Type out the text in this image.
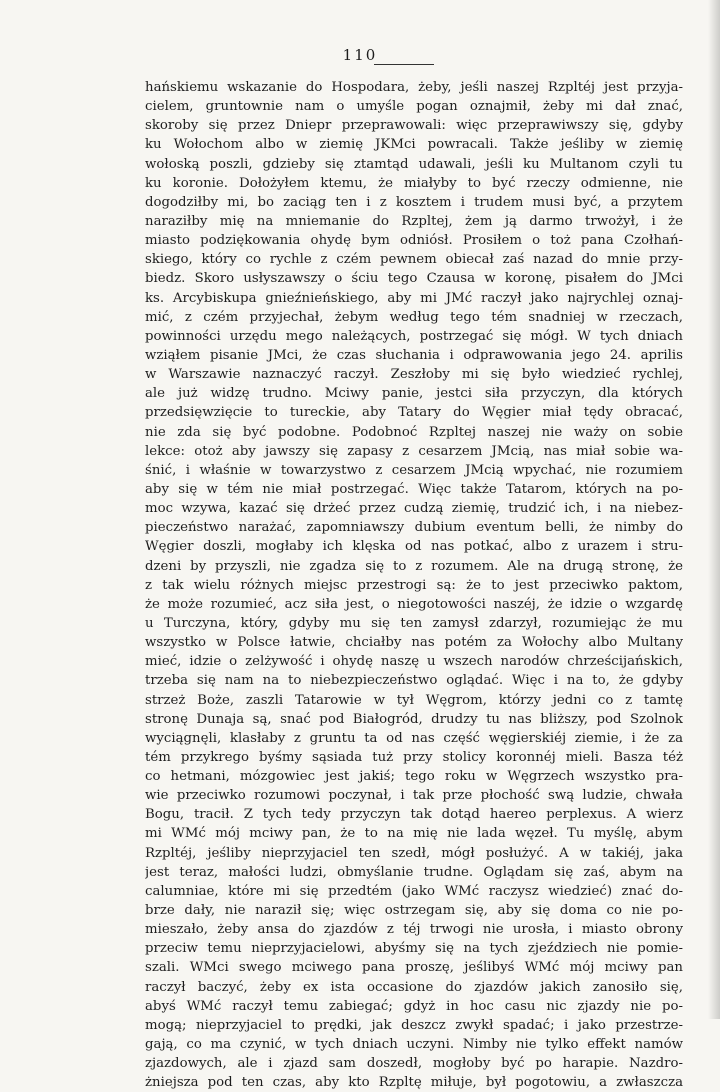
110
hańskiemu wskazanie do Hospodara, żeby, jeśli naszej Rzpltéj jest przyja-
cielem, gruntownie nam o umyśle pogan oznajmił, żeby mi dał znać,
skoroby się przez Dniepr przeprawowali: więc przeprawiwszy się, gdyby
ku Wołochom albo w ziemię JKMci powracali. Także jeśliby w ziemię
wołoską poszli, gdzieby się ztamtąd udawali, jeśli ku Multanom czyli tu
ku koronie. Dołożyłem ktemu, że miałyby to być rzeczy odmienne, nie
dogodziłby mi, bo zaciąg ten i z kosztem i trudem musi być, a przytem
naraziłby mię na mniemanie do Rzpltej, żem ją darmo trwożył, i że
miasto podziękowania ohydę bym odniósł. Prosiłem o toż pana Czołhań-
skiego, który co rychle z czém pewnem obiecał zaś nazad do mnie przy-
biedz. Skoro usłyszawszy o ściu tego Czausa w koronę, pisałem do JMci
ks. Arcybiskupa gnieźnieńskiego, aby mi JMć raczył jako najrychlej oznaj-
mić, z czém przyjechał, żebym według tego tém snadniej w rzeczach,
powinności urzędu mego należących, postrzegać się mógł. W tych dniach
wziąłem pisanie JMci, że czas słuchania i odprawowania jego 24. aprilis
w Warszawie naznaczyć raczył. Zeszłoby mi się było wiedzieć rychlej,
ale już widzę trudno. Mciwy panie, jestci siła przyczyn, dla których
przedsięwzięcie to tureckie, aby Tatary do Węgier miał tędy obracać,
nie zda się być podobne. Podobnoć Rzpltej naszej nie waży on sobie
lekce: otoż aby jawszy się zapasy z cesarzem JMcią, nas miał sobie wa-
śnić, i właśnie w towarzystwo z cesarzem JMcią wpychać, nie rozumiem
aby się w tém nie miał postrzegać. Więc także Tatarom, których na po-
moc wzywa, kazać się drżeć przez cudzą ziemię, trudzić ich, i na niebez-
pieczeństwo narażać, zapomniawszy dubium eventum belli, że nimby do
Węgier doszli, mogłaby ich klęska od nas potkać, albo z urazem i stru-
dzeni by przyszli, nie zgadza się to z rozumem. Ale na drugą stronę, że
z tak wielu różnych miejsc przestrogi są: że to jest przeciwko paktom,
że może rozumieć, acz siła jest, o niegotowości naszéj, że idzie o wzgardę
u Turczyna, który, gdyby mu się ten zamysł zdarzył, rozumiejąc że mu
wszystko w Polsce łatwie, chciałby nas potém za Wołochy albo Multany
mieć, idzie o zelżywość i ohydę naszę u wszech narodów chrześcijańskich,
trzeba się nam na to niebezpieczeństwo oglądać. Więc i na to, że gdyby
strzeż Boże, zaszli Tatarowie w tył Węgrom, którzy jedni co z tamtę
stronę Dunaja są, snać pod Białogród, drudzy tu nas bliższy, pod Szolnok
wyciągnęli, klasłaby z gruntu ta od nas część węgierskiéj ziemie, i że za
tém przykrego byśmy sąsiada tuż przy stolicy koronnéj mieli. Basza téż
co hetmani, mózgowiec jest jakiś; tego roku w Węgrzech wszystko pra-
wie przeciwko rozumowi poczynał, i tak prze płochość swą ludzie, chwała
Bogu, tracił. Z tych tedy przyczyn tak dotąd haereo perplexus. A wierz
mi WMć mój mciwy pan, że to na mię nie lada węzeł. Tu myślę, abym
Rzpltéj, jeśliby nieprzyjaciel ten szedł, mógł posłużyć. A w takiéj, jaka
jest teraz, małości ludzi, obmyślanie trudne. Oglądam się zaś, abym na
calumniae, które mi się przedtém (jako WMć raczysz wiedzieć) znać do-
brze dały, nie naraził się; więc ostrzegam się, aby się doma co nie po-
mieszało, żeby ansa do zjazdów z téj trwogi nie urosła, i miasto obrony
przeciw temu nieprzyjacielowi, abyśmy się na tych zjeździech nie pomie-
szali. WMci swego mciwego pana proszę, jeślibyś WMć mój mciwy pan
raczył baczyć, żeby ex ista occasione do zjazdów jakich zanosiło się,
abyś WMć raczył temu zabiegać; gdyż in hoc casu nic zjazdy nie po-
mogą; nieprzyjaciel to prędki, jak deszcz zwykł spadać; i jako przestrze-
gają, co ma czynić, w tych dniach uczyni. Nimby nie tylko effekt namów
zjazdowych, ale i zjazd sam doszedł, mogłoby być po harapie. Nazdro-
żniejsza pod ten czas, aby kto Rzpltę miłuje, był pogotowiu, a zwłaszcza
